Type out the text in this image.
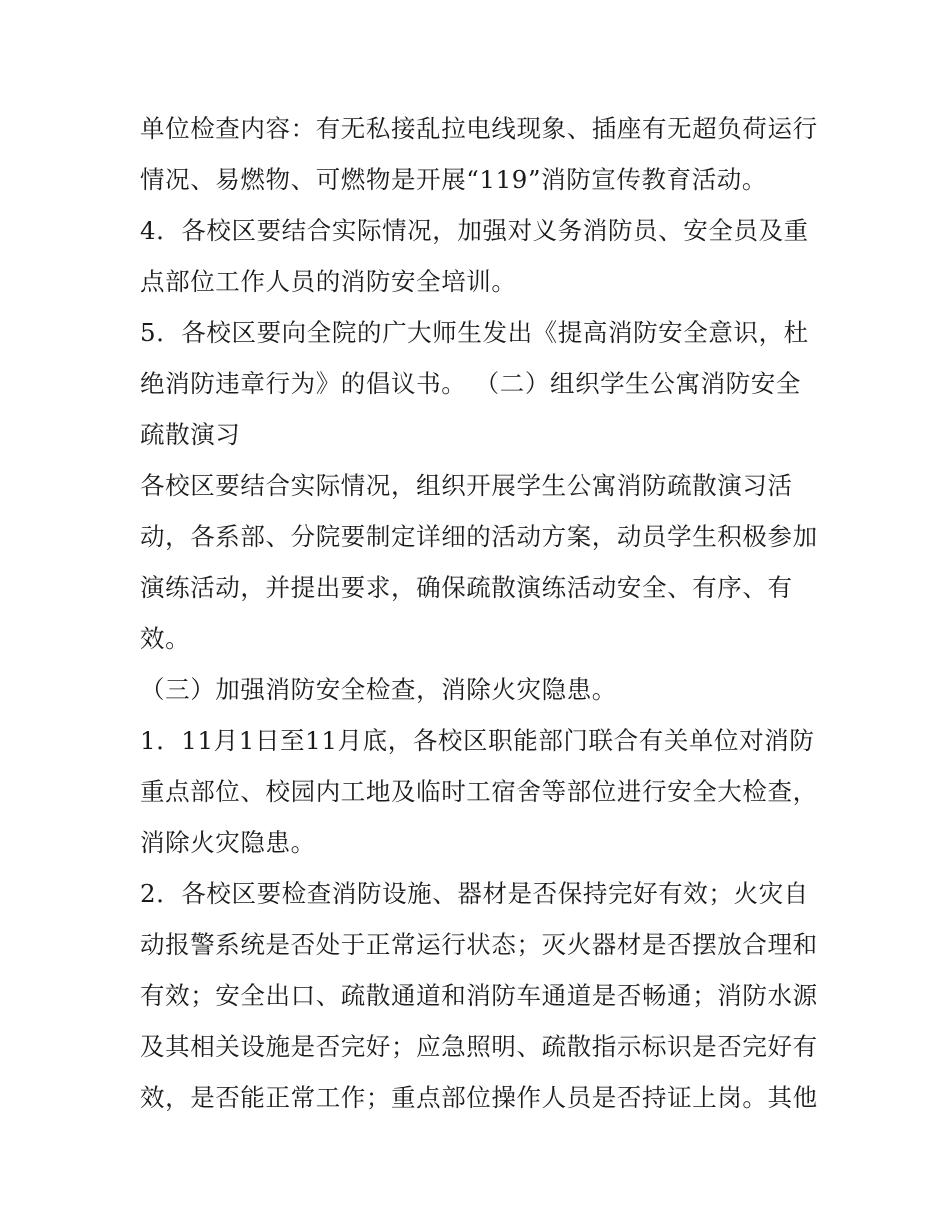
单位检查内容：有无私接乱拉电线现象、插座有无超负荷运行

情况、易燃物、可燃物是开展“119”消防宣传教育活动。

4．各校区要结合实际情况，加强对义务消防员、安全员及重

点部位工作人员的消防安全培训。

5．各校区要向全院的广大师生发出《提高消防安全意识，杜

绝消防违章行为》的倡议书。 （二）组织学生公寓消防安全

疏散演习

各校区要结合实际情况，组织开展学生公寓消防疏散演习活

动，各系部、分院要制定详细的活动方案，动员学生积极参加

演练活动，并提出要求，确保疏散演练活动安全、有序、有

效。

（三）加强消防安全检查，消除火灾隐患。

1．11月1日至11月底，各校区职能部门联合有关单位对消防

重点部位、校园内工地及临时工宿舍等部位进行安全大检查，

消除火灾隐患。

2．各校区要检查消防设施、器材是否保持完好有效；火灾自

动报警系统是否处于正常运行状态；灭火器材是否摆放合理和

有效；安全出口、疏散通道和消防车通道是否畅通；消防水源

及其相关设施是否完好；应急照明、疏散指示标识是否完好有

效，是否能正常工作；重点部位操作人员是否持证上岗。其他
